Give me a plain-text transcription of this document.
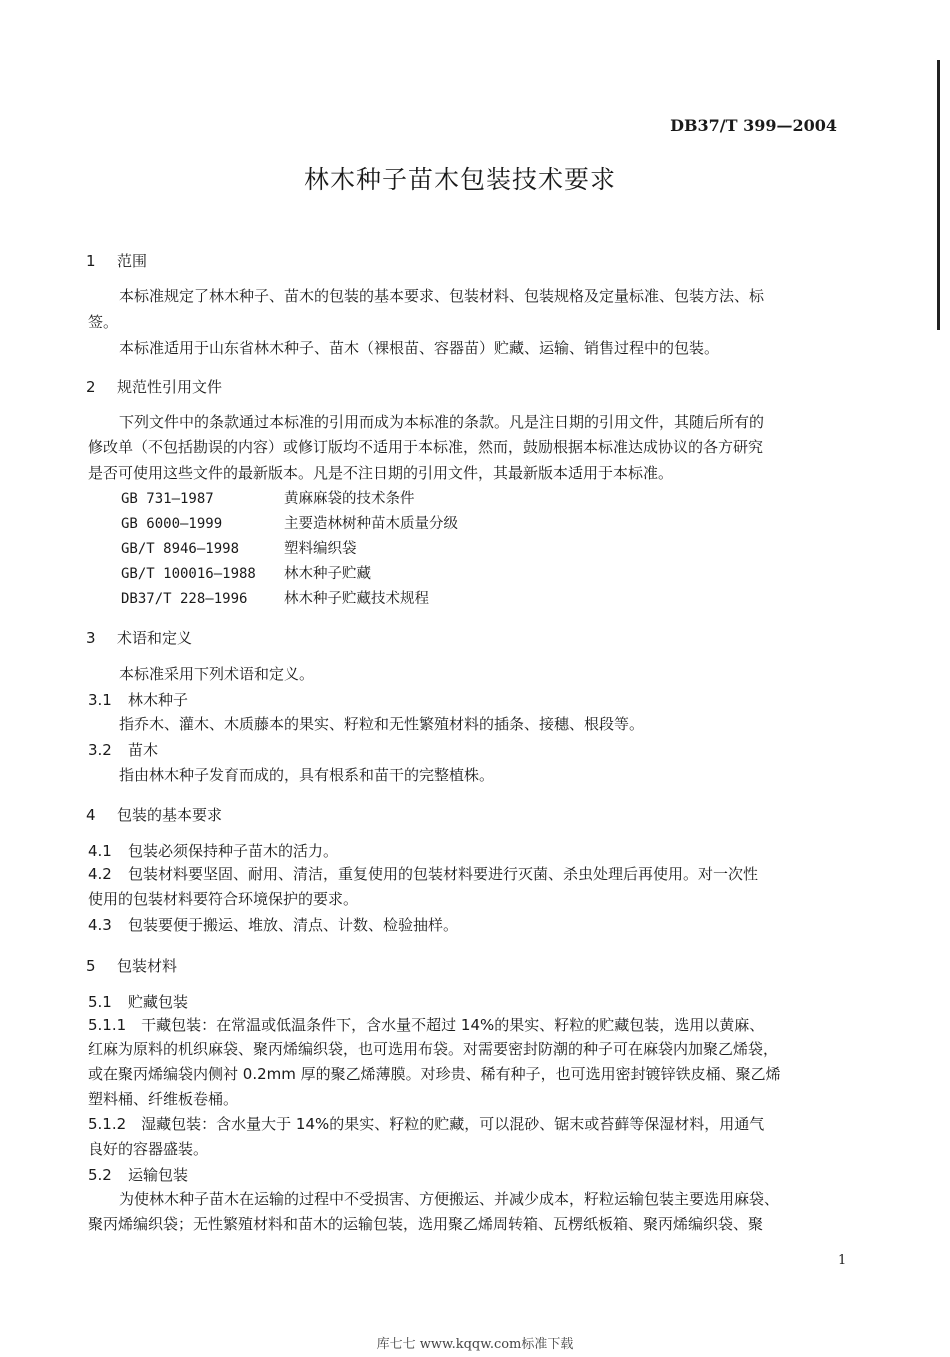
DB37/T 399—2004
林木种子苗木包装技术要求
1 范围
本标准规定了林木种子、苗木的包装的基本要求、包装材料、包装规格及定量标准、包装方法、标
签。
本标准适用于山东省林木种子、苗木（裸根苗、容器苗）贮藏、运输、销售过程中的包装。
2 规范性引用文件
下列文件中的条款通过本标准的引用而成为本标准的条款。凡是注日期的引用文件，其随后所有的
修改单（不包括勘误的内容）或修订版均不适用于本标准，然而，鼓励根据本标准达成协议的各方研究
是否可使用这些文件的最新版本。凡是不注日期的引用文件，其最新版本适用于本标准。
GB 731—1987	黄麻麻袋的技术条件
GB 6000—1999	主要造林树种苗木质量分级
GB/T 8946—1998	塑料编织袋
GB/T 100016—1988 林木种子贮藏
DB37/T 228—1996	林木种子贮藏技术规程
3 术语和定义
本标准采用下列术语和定义。
3.1 林木种子
指乔木、灌木、木质藤本的果实、籽粒和无性繁殖材料的插条、接穗、根段等。
3.2 苗木
指由林木种子发育而成的，具有根系和苗干的完整植株。
4 包装的基本要求
4.1 包装必须保持种子苗木的活力。
4.2 包装材料要坚固、耐用、清洁，重复使用的包装材料要进行灭菌、杀虫处理后再使用。对一次性
使用的包装材料要符合环境保护的要求。
4.3 包装要便于搬运、堆放、清点、计数、检验抽样。
5 包装材料
5.1 贮藏包装
5.1.1　干藏包装：在常温或低温条件下，含水量不超过 14%的果实、籽粒的贮藏包装，选用以黄麻、
红麻为原料的机织麻袋、聚丙烯编织袋，也可选用布袋。对需要密封防潮的种子可在麻袋内加聚乙烯袋，
或在聚丙烯编袋内侧衬 0.2mm 厚的聚乙烯薄膜。对珍贵、稀有种子，也可选用密封镀锌铁皮桶、聚乙烯
塑料桶、纤维板卷桶。
5.1.2　湿藏包装：含水量大于 14%的果实、籽粒的贮藏，可以混砂、锯末或苔藓等保湿材料，用通气
良好的容器盛装。
5.2 运输包装
为使林木种子苗木在运输的过程中不受损害、方便搬运、并减少成本，籽粒运输包装主要选用麻袋、
聚丙烯编织袋；无性繁殖材料和苗木的运输包装，选用聚乙烯周转箱、瓦楞纸板箱、聚丙烯编织袋、聚
1
库七七 www.kqqw.com标准下载
